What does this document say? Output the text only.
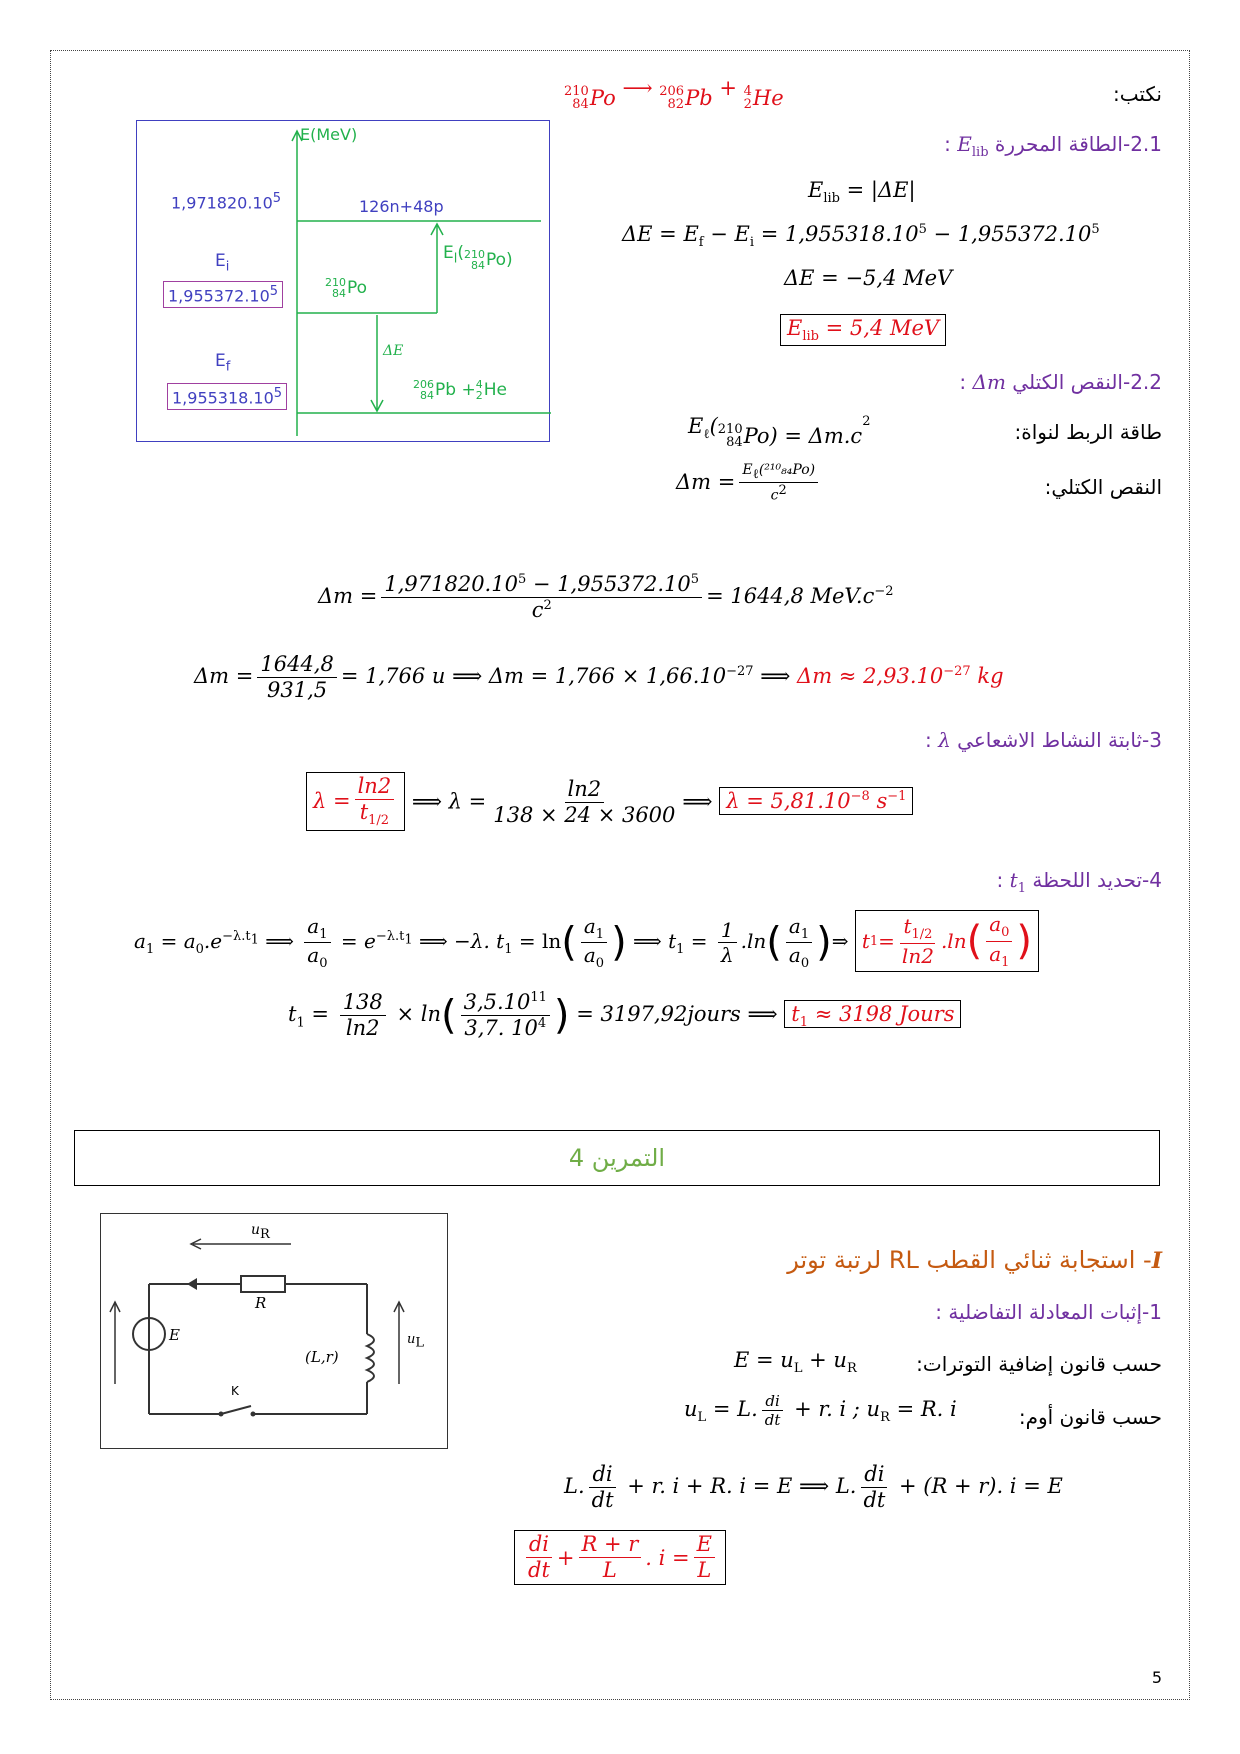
نكتب:
210
84 Po ⟶ 206
82 Pb + 4
2 He
E(MeV)
1,971820.10$^5$	126n+48p
$E_i$
1,955372.10$^5$
210
84 Po
$E_l$( 210
84 Po)
ΔE
$E_f$
1,955318.10$^5$
206
84 Pb + 4
2 He
2.1-الطاقة المحررة $E_{lib}$ :
$E_{lib} = |\Delta E|$
$\Delta E = E_f - E_i = 1,955318.10^5 - 1,955372.10^5$
ΔE = −5,4 MeV
$E_{lib} = 5,4$ MeV
2.2-النقص الكتلي Δm :
طاقة الربط لنواة:
$E_\ell$( 210
84 Po) = Δm.c
$^2$
النقص الكتلي:
$\Delta m = \frac{E_\ell(^{210}_{84}Po)}{c^2}$
$\Delta m = \frac{1,971820.10^5 - 1,955372.10^5}{c^2} = 1644,8$ $MeV.c^{-2}$
$\Delta m = \frac{1644,8}{931,5} = 1,766$ u ⟹ $\Delta m = 1,766 \times 1,66.10^{-27}$ ⟹ $\Delta m \approx 2,93.10^{-27}$ kg
3-ثابتة النشاط الاشعاعي λ :
$\lambda = \frac{\ln 2}{t_{1/2}}$ ⟹ $\lambda = \frac{\ln 2}{138 \times 24 \times 3600}$ ⟹ $\lambda = 5,81.10^{-8}$ $s^{-1}$
4-تحديد اللحظة $t_1$ :
$a_1 = a_0.e^{-\lambda.t_1}$ ⟹ $\frac{a_1}{a_0} = e^{-\lambda.t_1}$ ⟹ −λ. $t_1 = \ln( \frac{a_1}{a_0}$ ) ⟹ $t_1 = \frac{1}{\lambda} .\ln( \frac{a_1}{a_0}$ )⇒ t $1 = \frac{t_{1/2}}{\ln 2} .\ln$ ( $\frac{a_0}{a_1}$ )
$t_1 = \frac{138}{\ln 2} \times \ln( \frac{3,5.10^{11}}{3,7. 10^4}$ ) = 3197,92jours ⟹ $t_1 \approx 3198$ Jours
التمرين 4
I- استجابة ثنائي القطب RL لرتبة توتر
1-إثبات المعادلة التفاضلية :
حسب قانون إضافية التوترات:
$E = u_L + u_R$
حسب قانون أوم:
$u_L = L$. $\frac{di}{dt} + r$. i ; $u_R = R$. i
L. $\frac{di}{dt} + r$. i + R. i = E ⟹ L. $\frac{di}{dt} + (R + r)$. i = E
$\frac{di}{dt} + \frac{R + r}{L}$ . $i = \frac{E}{L}$
$u_R$
R
E
(L,r)
$u_L$
K
5
